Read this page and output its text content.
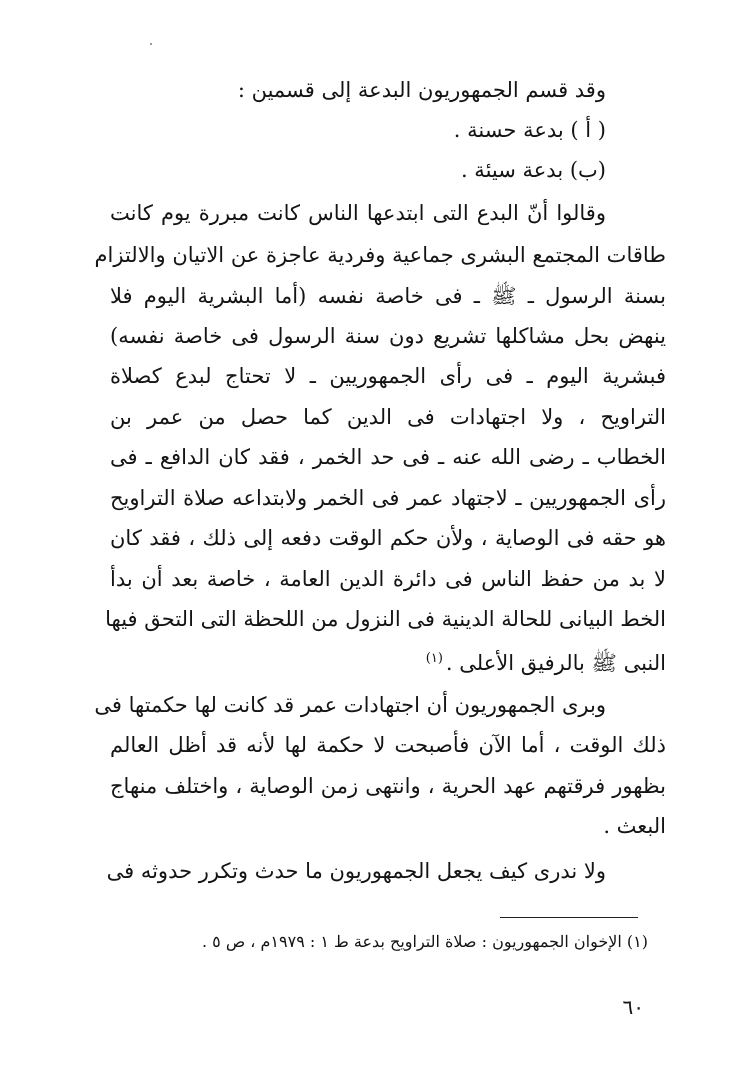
وقد قسم الجمهوريون البدعة إلى قسمين :
( أ ) بدعة حسنة .
(ب) بدعة سيئة .
وقالوا أنّ البدع التى ابتدعها الناس كانت مبررة يوم كانت
طاقات المجتمع البشرى جماعية وفردية عاجزة عن الاتيان والالتزام
بسنة الرسول ـ ﷺ ـ فى خاصة نفسه (أما البشرية اليوم فلا
ينهض بحل مشاكلها تشريع دون سنة الرسول فى خاصة نفسه)
فبشرية اليوم ـ فى رأى الجمهوريين ـ لا تحتاج لبدع كصلاة
التراويح ، ولا اجتهادات فى الدين كما حصل من عمر بن
الخطاب ـ رضى الله عنه ـ فى حد الخمر ، فقد كان الدافع ـ فى
رأى الجمهوريين ـ لاجتهاد عمر فى الخمر ولابتداعه صلاة التراويح
هو حقه فى الوصاية ، ولأن حكم الوقت دفعه إلى ذلك ، فقد كان
لا بد من حفظ الناس فى دائرة الدين العامة ، خاصة بعد أن بدأ
الخط البيانى للحالة الدينية فى النزول من اللحظة التى التحق فيها
النبى ﷺ بالرفيق الأعلى .$^{(١)}$
وبرى الجمهوريون أن اجتهادات عمر قد كانت لها حكمتها فى
ذلك الوقت ، أما الآن فأصبحت لا حكمة لها لأنه قد أظل العالم
بظهور فرقتهم عهد الحرية ، وانتهى زمن الوصاية ، واختلف منهاج
البعث .
ولا ندرى كيف يجعل الجمهوريون ما حدث وتكرر حدوثه فى
(١) الإخوان الجمهوريون : صلاة التراويح بدعة ط ١ : ١٩٧٩م ، ص ٥ .
٦٠
